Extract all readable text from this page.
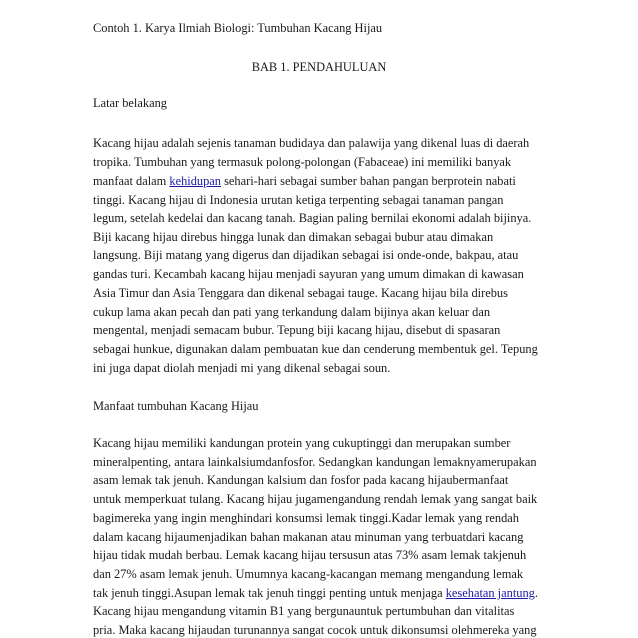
Contoh 1. Karya Ilmiah Biologi: Tumbuhan Kacang Hijau
BAB 1. PENDAHULUAN
Latar belakang
Kacang hijau adalah sejenis tanaman budidaya dan palawija yang dikenal luas di daerah
tropika. Tumbuhan yang termasuk polong-polongan (Fabaceae) ini memiliki banyak
manfaat dalam kehidupan sehari-hari sebagai sumber bahan pangan berprotein nabati
tinggi. Kacang hijau di Indonesia urutan ketiga terpenting sebagai tanaman pangan
legum, setelah kedelai dan kacang tanah. Bagian paling bernilai ekonomi adalah bijinya.
Biji kacang hijau direbus hingga lunak dan dimakan sebagai bubur atau dimakan
langsung. Biji matang yang digerus dan dijadikan sebagai isi onde-onde, bakpau, atau
gandas turi. Kecambah kacang hijau menjadi sayuran yang umum dimakan di kawasan
Asia Timur dan Asia Tenggara dan dikenal sebagai tauge. Kacang hijau bila direbus
cukup lama akan pecah dan pati yang terkandung dalam bijinya akan keluar dan
mengental, menjadi semacam bubur. Tepung biji kacang hijau, disebut di spasaran
sebagai hunkue, digunakan dalam pembuatan kue dan cenderung membentuk gel. Tepung
ini juga dapat diolah menjadi mi yang dikenal sebagai soun.
Manfaat tumbuhan Kacang Hijau
Kacang hijau memiliki kandungan protein yang cukuptinggi dan merupakan sumber
mineralpenting, antara lainkalsiumdanfosfor. Sedangkan kandungan lemaknyamerupakan
asam lemak tak jenuh. Kandungan kalsium dan fosfor pada kacang hijaubermanfaat
untuk memperkuat tulang. Kacang hijau jugamengandung rendah lemak yang sangat baik
bagimereka yang ingin menghindari konsumsi lemak tinggi.Kadar lemak yang rendah
dalam kacang hijaumenjadikan bahan makanan atau minuman yang terbuatdari kacang
hijau tidak mudah berbau. Lemak kacang hijau tersusun atas 73% asam lemak takjenuh
dan 27% asam lemak jenuh. Umumnya kacang-kacangan memang mengandung lemak
tak jenuh tinggi.Asupan lemak tak jenuh tinggi penting untuk menjaga kesehatan jantung.
Kacang hijau mengandung vitamin B1 yang bergunauntuk pertumbuhan dan vitalitas
pria. Maka kacang hijaudan turunannya sangat cocok untuk dikonsumsi olehmereka yang
